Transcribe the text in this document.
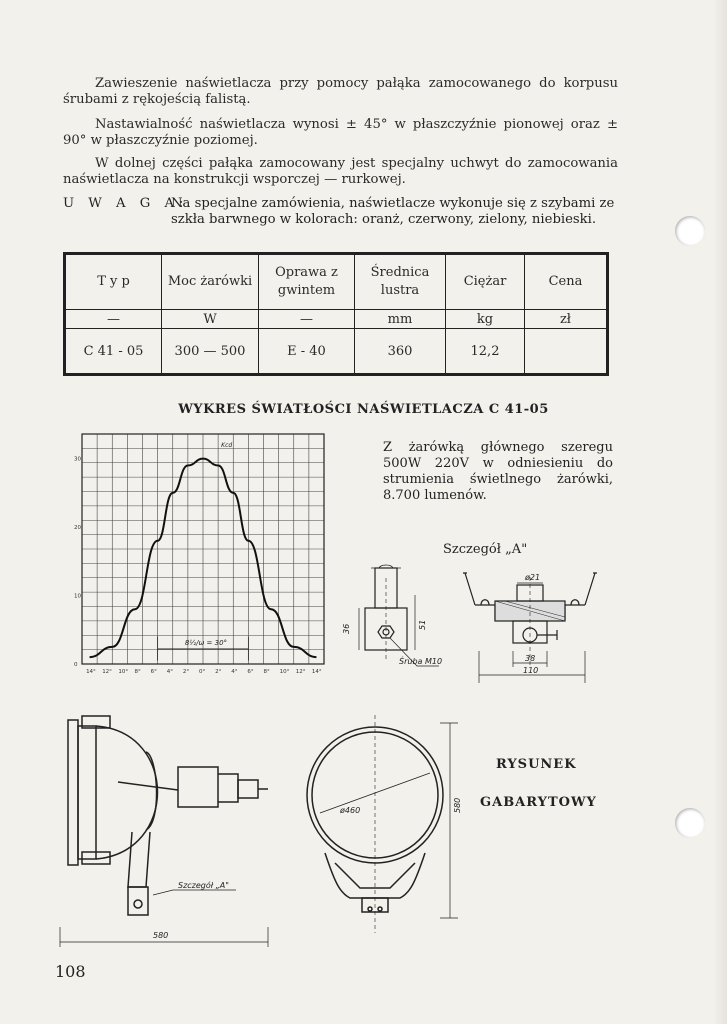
Zawieszenie naświetlacza przy pomocy pałąka zamocowanego do korpusu śrubami z rękojeścią falistą.
Nastawialność naświetlacza wynosi ± 45° w płaszczyźnie pionowej oraz ± 90° w płaszczyźnie poziomej.
W dolnej części pałąka zamocowany jest specjalny uchwyt do zamocowania naświetlacza na konstrukcji wsporczej — rurkowej.
U W A G A:
Na specjalne zamówienia, naświetlacze wykonuje się z szybami ze szkła barwnego w kolorach: oranż, czerwony, zielony, niebieski.
T y p	Moc żarówki	Oprawa z gwintem	Średnica lustra	Ciężar	Cena
—	W	—	mm	kg	zł
C 41 - 05	300 — 500	E - 40	360	12,2	
WYKRES ŚWIATŁOŚCI NAŚWIETLACZA C 41-05
8½/ω = 30°
Kcd
0
10
20
30
14° 12° 10° 8° 6° 4° 2° 0° 2° 4° 6° 8° 10° 12° 14°
Z żarówką głównego szeregu 500W 220V w odniesieniu do strumienia świetlnego żarówki, 8.700 lumenów.
Szczegół „A"
36	51
Śruba M10
ø21
38
110
Szczegół „A"
580
ø460	580
RYSUNEK
GABARYTOWY
108
